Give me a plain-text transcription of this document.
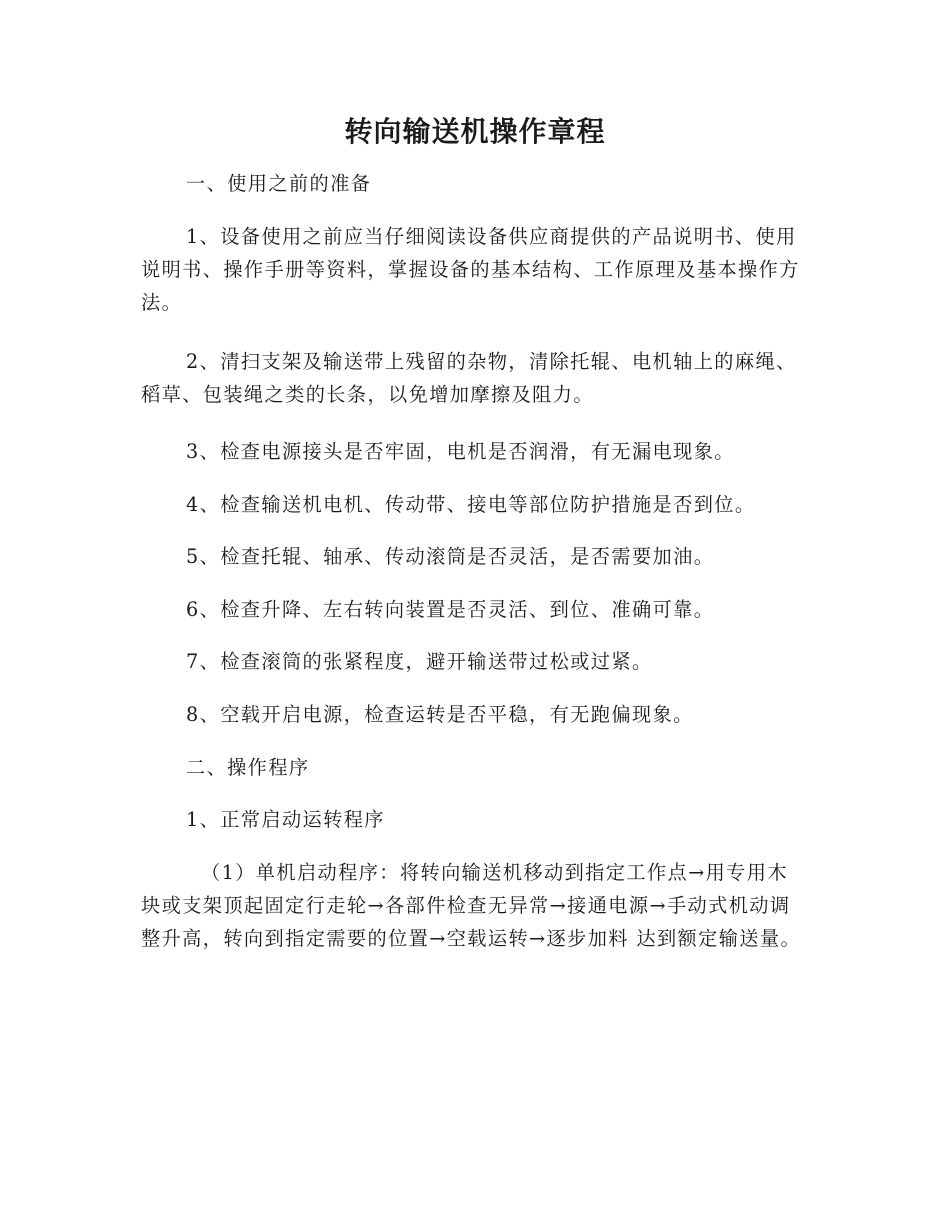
转向输送机操作章程

一、使用之前的准备

1、设备使用之前应当仔细阅读设备供应商提供的产品说明书、使用说明书、操作手册等资料，掌握设备的基本结构、工作原理及基本操作方法。

2、清扫支架及输送带上残留的杂物，清除托辊、电机轴上的麻绳、稻草、包装绳之类的长条，以免增加摩擦及阻力。

3、检查电源接头是否牢固，电机是否润滑，有无漏电现象。

4、检查输送机电机、传动带、接电等部位防护措施是否到位。

5、检查托辊、轴承、传动滚筒是否灵活，是否需要加油。

6、检查升降、左右转向装置是否灵活、到位、准确可靠。

7、检查滚筒的张紧程度，避开输送带过松或过紧。

8、空载开启电源，检查运转是否平稳，有无跑偏现象。

二、操作程序

1、正常启动运转程序

（1）单机启动程序：将转向输送机移动到指定工作点→用专用木块或支架顶起固定行走轮→各部件检查无异常→接通电源→手动式机动调整升高，转向到指定需要的位置→空载运转→逐步加料 达到额定输送量。
